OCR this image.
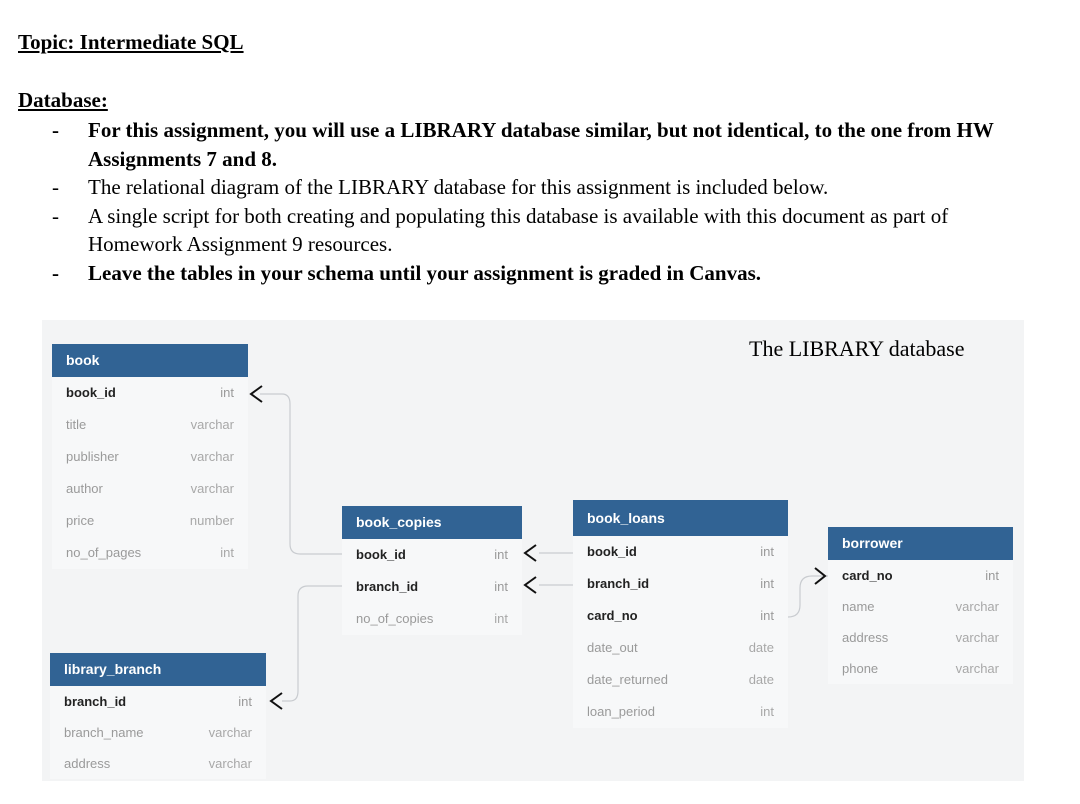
Topic: Intermediate SQL
Database:
- For this assignment, you will use a LIBRARY database similar, but not identical, to the one from HW Assignments 7 and 8.
- The relational diagram of the LIBRARY database for this assignment is included below.
- A single script for both creating and populating this database is available with this document as part of Homework Assignment 9 resources.
- Leave the tables in your schema until your assignment is graded in Canvas.
The LIBRARY database
book
book_id	int
title	varchar
publisher	varchar
author	varchar
price	number
no_of_pages	int
book_copies
book_id	int
branch_id	int
no_of_copies	int
book_loans
book_id	int
branch_id	int
card_no	int
date_out	date
date_returned	date
loan_period	int
borrower
card_no	int
name	varchar
address	varchar
phone	varchar
library_branch
branch_id	int
branch_name	varchar
address	varchar
